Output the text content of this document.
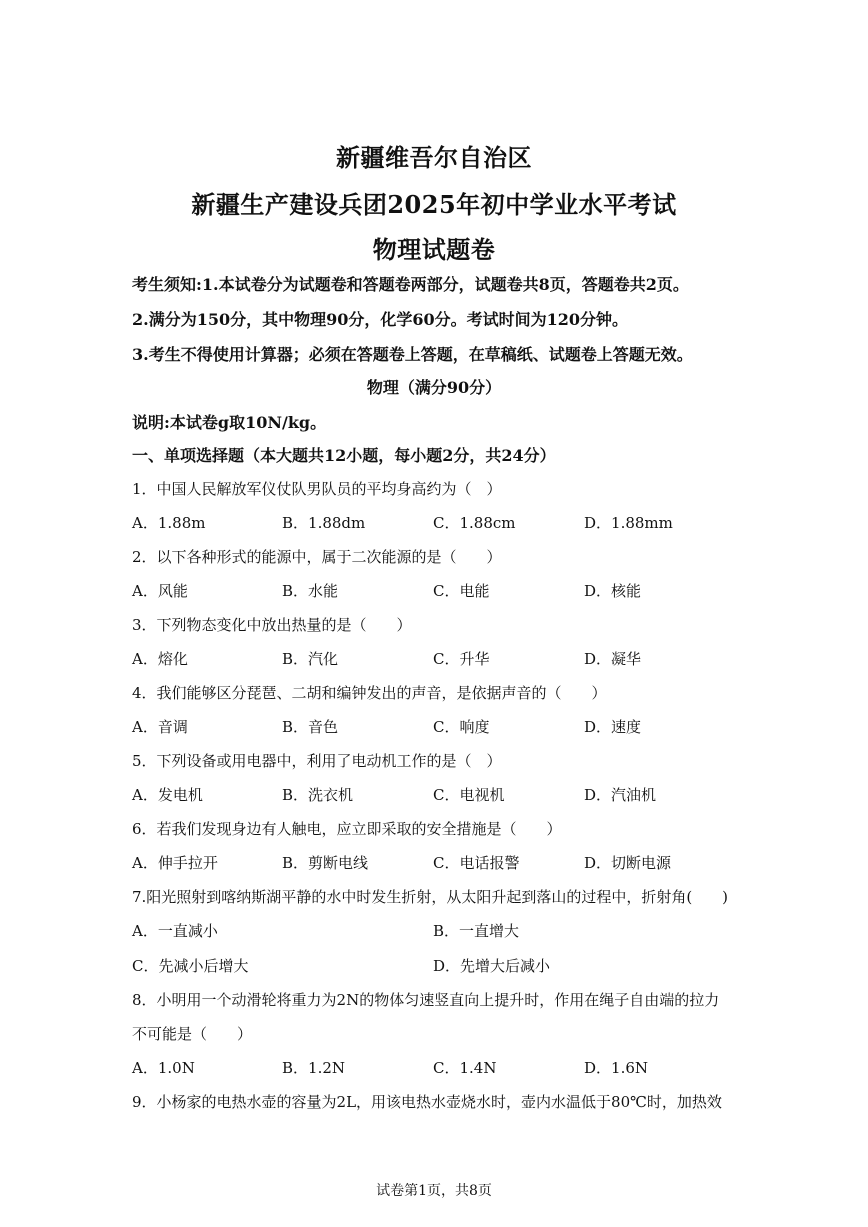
新疆维吾尔自治区
新疆生产建设兵团2025年初中学业水平考试
物理试题卷
考生须知:1.本试卷分为试题卷和答题卷两部分，试题卷共8页，答题卷共2页。
2.满分为150分，其中物理90分，化学60分。考试时间为120分钟。
3.考生不得使用计算器；必须在答题卷上答题，在草稿纸、试题卷上答题无效。
物理（满分90分）
说明:本试卷g取10N/kg。
一、单项选择题（本大题共12小题，每小题2分，共24分）
1．中国人民解放军仪仗队男队员的平均身高约为（　）
A．1.88m	B．1.88dm	C．1.88cm	D．1.88mm
2．以下各种形式的能源中，属于二次能源的是（　　）
A．风能	B．水能	C．电能	D．核能
3．下列物态变化中放出热量的是（　　）
A．熔化	B．汽化	C．升华	D．凝华
4．我们能够区分琵琶、二胡和编钟发出的声音，是依据声音的（　　）
A．音调	B．音色	C．响度	D．速度
5．下列设备或用电器中，利用了电动机工作的是（　）
A．发电机	B．洗衣机	C．电视机	D．汽油机
6．若我们发现身边有人触电，应立即采取的安全措施是（　　）
A．伸手拉开	B．剪断电线	C．电话报警	D．切断电源
7.阳光照射到喀纳斯湖平静的水中时发生折射，从太阳升起到落山的过程中，折射角(　　)
A．一直减小	B．一直增大
C．先减小后增大	D．先增大后减小
8．小明用一个动滑轮将重力为2N的物体匀速竖直向上提升时，作用在绳子自由端的拉力
不可能是（　　）
A．1.0N	B．1.2N	C．1.4N	D．1.6N
9．小杨家的电热水壶的容量为2L，用该电热水壶烧水时，壶内水温低于80℃时，加热效
试卷第1页，共8页
